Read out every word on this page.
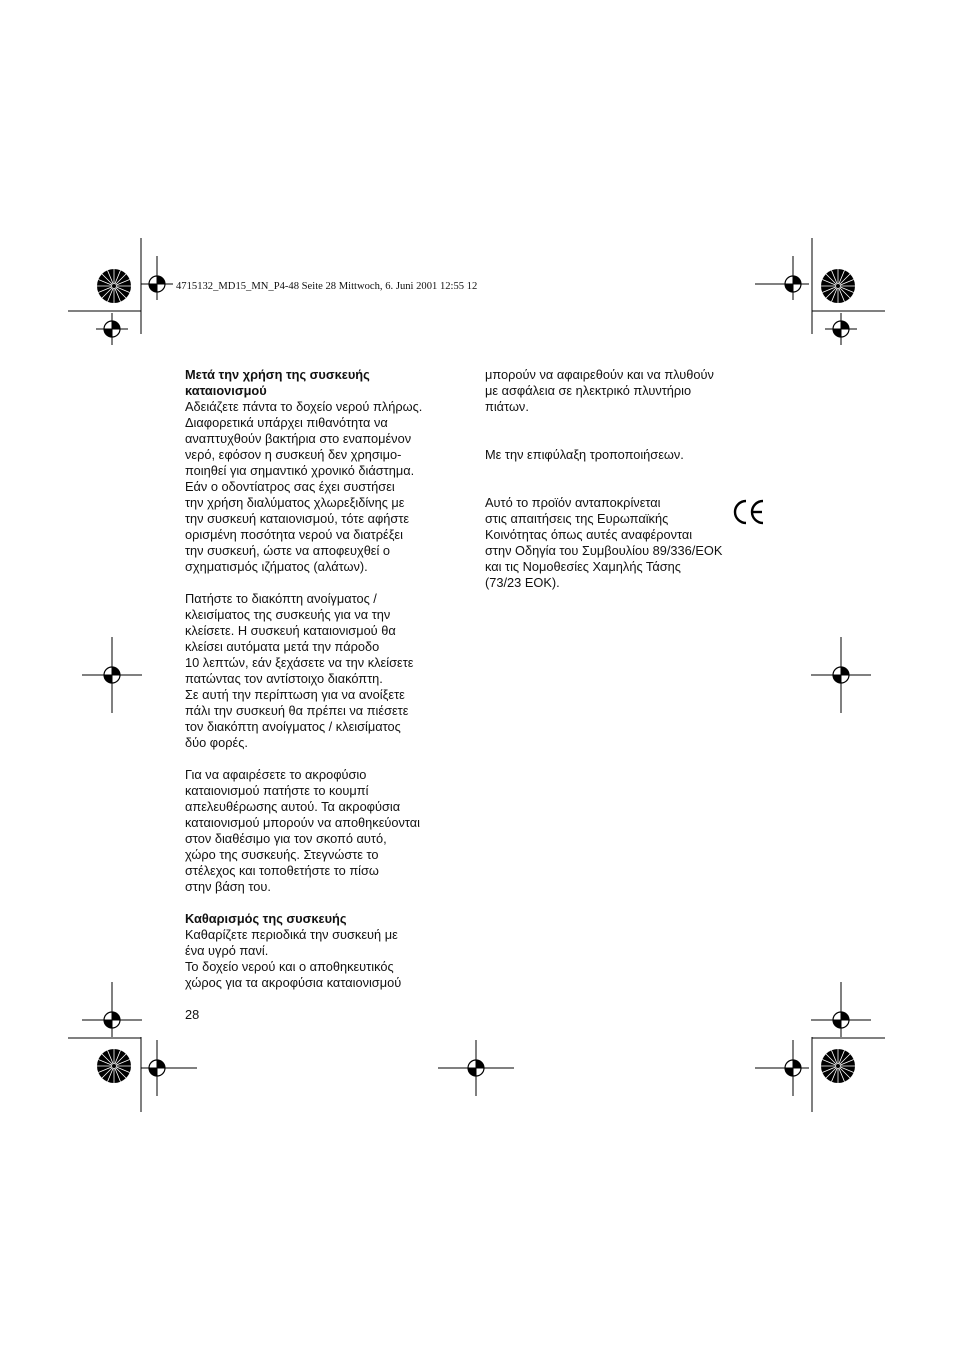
4715132_MD15_MN_P4-48 Seite 28 Mittwoch, 6. Juni 2001 12:55 12
Μετά την χρήση της συσκευής
καταιονισμού
Αδειάζετε πάντα το δοχείο νερού πλήρως.
Διαφορετικά υπάρχει πιθανότητα να
αναπτυχθούν βακτήρια στο εναπομένον
νερό, εφόσον η συσκευή δεν χρησιμο-
ποιηθεί για σημαντικό χρονικό διάστημα.
Εάν ο οδοντίατρος σας έχει συστήσει
την χρήση διαλύματος χλωρεξιδίνης με
την συσκευή καταιονισμού, τότε αφήστε
ορισμένη ποσότητα νερού να διατρέξει
την συσκευή, ώστε να αποφευχθεί ο
σχηματισμός ιζήματος (αλάτων).
Πατήστε το διακόπτη ανοίγματος /
κλεισίματος της συσκευής για να την
κλείσετε. Η συσκευή καταιονισμού θα
κλείσει αυτόματα μετά την πάροδο
10 λεπτών, εάν ξεχάσετε να την κλείσετε
πατώντας τον αντίστοιχο διακόπτη.
Σε αυτή την περίπτωση για να ανοίξετε
πάλι την συσκευή θα πρέπει να πιέσετε
τον διακόπτη ανοίγματος / κλεισίματος
δύο φορές.
Για να αφαιρέσετε το ακροφύσιο
καταιονισμού πατήστε το κουμπί
απελευθέρωσης αυτού. Τα ακροφύσια
καταιονισμού μπορούν να αποθηκεύονται
στον διαθέσιμο για τον σκοπό αυτό,
χώρο της συσκευής. Στεγνώστε το
στέλεχος και τοποθετήστε το πίσω
στην βάση του.
Καθαρισμός της συσκευής
Καθαρίζετε περιοδικά την συσκευή με
ένα υγρό πανί.
Το δοχείο νερού και ο αποθηκευτικός
χώρος για τα ακροφύσια καταιονισμού
μπορούν να αφαιρεθούν και να πλυθούν
με ασφάλεια σε ηλεκτρικό πλυντήριο
πιάτων.
Με την επιφύλαξη τροποποιήσεων.
Αυτό το προϊόν ανταποκρίνεται
στις απαιτήσεις της Ευρωπαϊκής
Κοινότητας όπως αυτές αναφέρονται
στην Οδηγία του Συμβουλίου 89/336/ΕΟΚ
και τις Νομοθεσίες Χαμηλής Τάσης
(73/23 ΕΟΚ).
28
